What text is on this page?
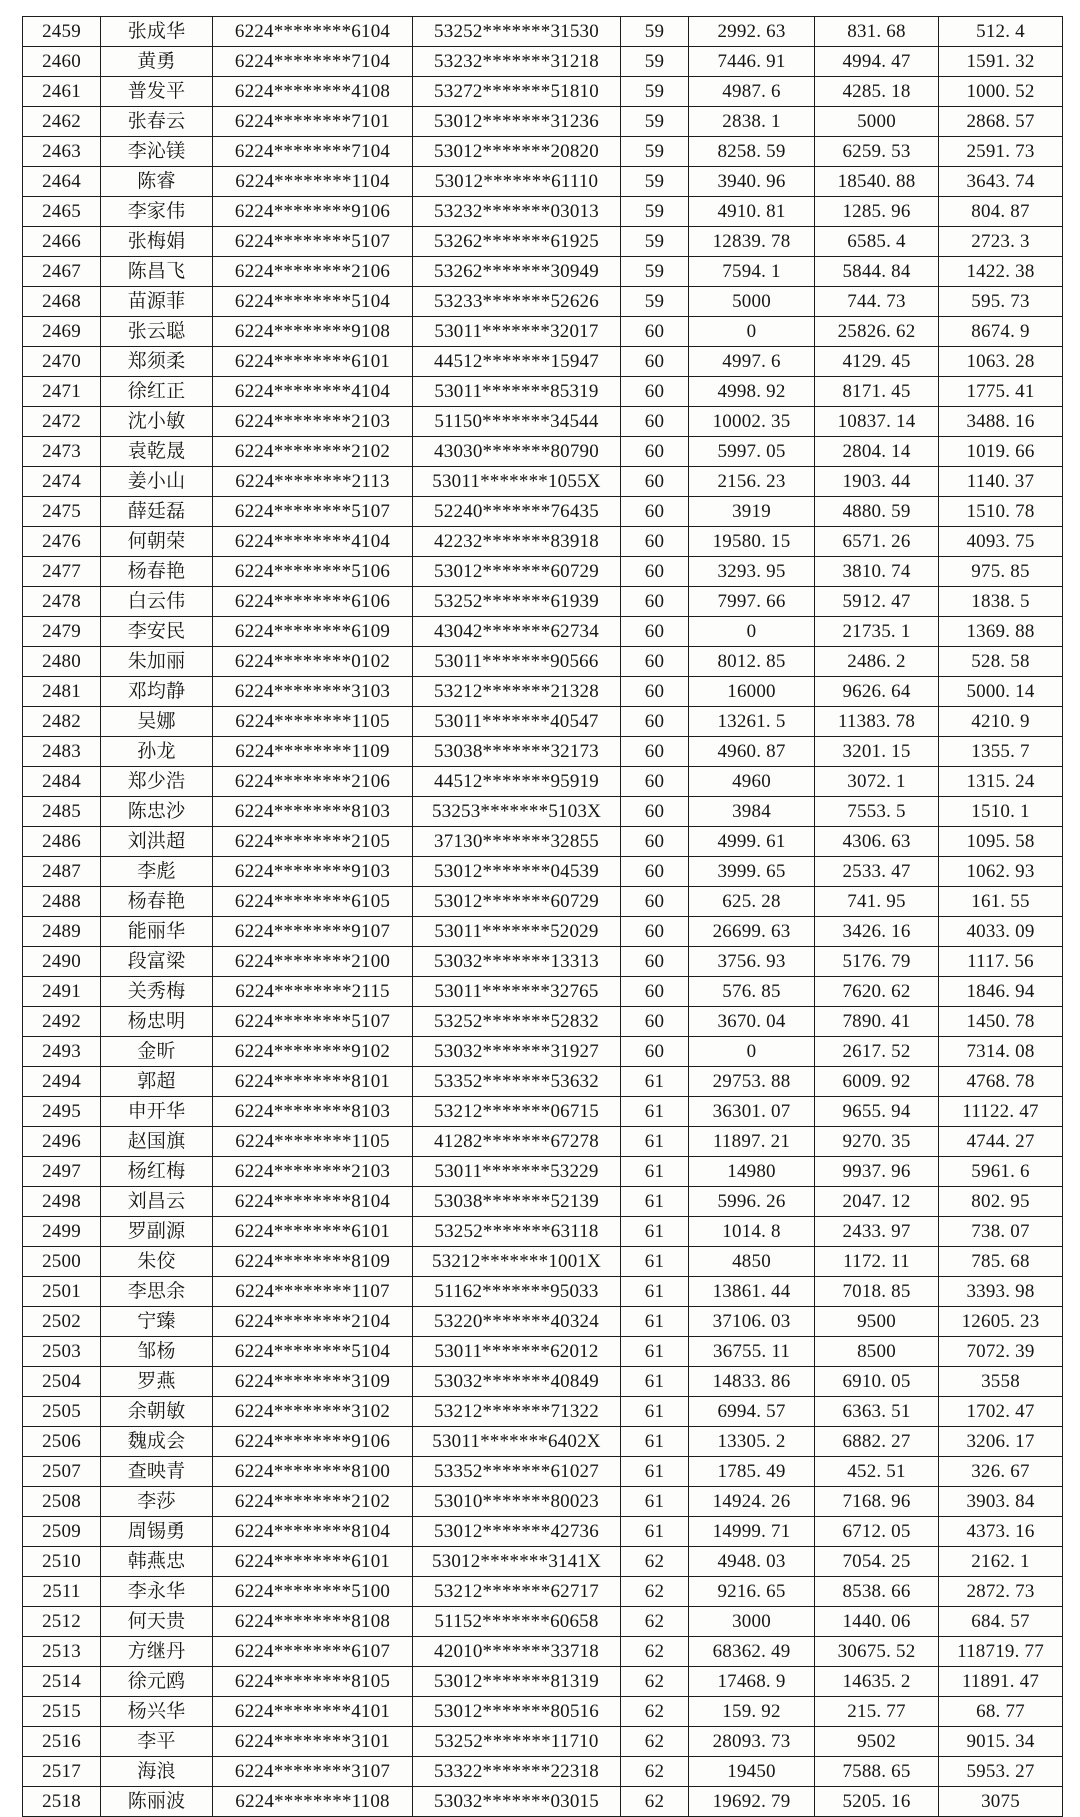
2459	张成华	6224********6104	53252*******31530	59	2992. 63	831. 68	512. 4
2460	黄勇	6224********7104	53232*******31218	59	7446. 91	4994. 47	1591. 32
2461	普发平	6224********4108	53272*******51810	59	4987. 6	4285. 18	1000. 52
2462	张春云	6224********7101	53012*******31236	59	2838. 1	5000	2868. 57
2463	李沁镁	6224********7104	53012*******20820	59	8258. 59	6259. 53	2591. 73
2464	陈睿	6224********1104	53012*******61110	59	3940. 96	18540. 88	3643. 74
2465	李家伟	6224********9106	53232*******03013	59	4910. 81	1285. 96	804. 87
2466	张梅娟	6224********5107	53262*******61925	59	12839. 78	6585. 4	2723. 3
2467	陈昌飞	6224********2106	53262*******30949	59	7594. 1	5844. 84	1422. 38
2468	苗源菲	6224********5104	53233*******52626	59	5000	744. 73	595. 73
2469	张云聪	6224********9108	53011*******32017	60	0	25826. 62	8674. 9
2470	郑须柔	6224********6101	44512*******15947	60	4997. 6	4129. 45	1063. 28
2471	徐红正	6224********4104	53011*******85319	60	4998. 92	8171. 45	1775. 41
2472	沈小敏	6224********2103	51150*******34544	60	10002. 35	10837. 14	3488. 16
2473	袁乾晟	6224********2102	43030*******80790	60	5997. 05	2804. 14	1019. 66
2474	姜小山	6224********2113	53011*******1055X	60	2156. 23	1903. 44	1140. 37
2475	薛廷磊	6224********5107	52240*******76435	60	3919	4880. 59	1510. 78
2476	何朝荣	6224********4104	42232*******83918	60	19580. 15	6571. 26	4093. 75
2477	杨春艳	6224********5106	53012*******60729	60	3293. 95	3810. 74	975. 85
2478	白云伟	6224********6106	53252*******61939	60	7997. 66	5912. 47	1838. 5
2479	李安民	6224********6109	43042*******62734	60	0	21735. 1	1369. 88
2480	朱加丽	6224********0102	53011*******90566	60	8012. 85	2486. 2	528. 58
2481	邓均静	6224********3103	53212*******21328	60	16000	9626. 64	5000. 14
2482	吴娜	6224********1105	53011*******40547	60	13261. 5	11383. 78	4210. 9
2483	孙龙	6224********1109	53038*******32173	60	4960. 87	3201. 15	1355. 7
2484	郑少浩	6224********2106	44512*******95919	60	4960	3072. 1	1315. 24
2485	陈忠沙	6224********8103	53253*******5103X	60	3984	7553. 5	1510. 1
2486	刘洪超	6224********2105	37130*******32855	60	4999. 61	4306. 63	1095. 58
2487	李彪	6224********9103	53012*******04539	60	3999. 65	2533. 47	1062. 93
2488	杨春艳	6224********6105	53012*******60729	60	625. 28	741. 95	161. 55
2489	能丽华	6224********9107	53011*******52029	60	26699. 63	3426. 16	4033. 09
2490	段富梁	6224********2100	53032*******13313	60	3756. 93	5176. 79	1117. 56
2491	关秀梅	6224********2115	53011*******32765	60	576. 85	7620. 62	1846. 94
2492	杨忠明	6224********5107	53252*******52832	60	3670. 04	7890. 41	1450. 78
2493	金昕	6224********9102	53032*******31927	60	0	2617. 52	7314. 08
2494	郭超	6224********8101	53352*******53632	61	29753. 88	6009. 92	4768. 78
2495	申开华	6224********8103	53212*******06715	61	36301. 07	9655. 94	11122. 47
2496	赵国旗	6224********1105	41282*******67278	61	11897. 21	9270. 35	4744. 27
2497	杨红梅	6224********2103	53011*******53229	61	14980	9937. 96	5961. 6
2498	刘昌云	6224********8104	53038*******52139	61	5996. 26	2047. 12	802. 95
2499	罗副源	6224********6101	53252*******63118	61	1014. 8	2433. 97	738. 07
2500	朱佼	6224********8109	53212*******1001X	61	4850	1172. 11	785. 68
2501	李思余	6224********1107	51162*******95033	61	13861. 44	7018. 85	3393. 98
2502	宁臻	6224********2104	53220*******40324	61	37106. 03	9500	12605. 23
2503	邹杨	6224********5104	53011*******62012	61	36755. 11	8500	7072. 39
2504	罗燕	6224********3109	53032*******40849	61	14833. 86	6910. 05	3558
2505	余朝敏	6224********3102	53212*******71322	61	6994. 57	6363. 51	1702. 47
2506	魏成会	6224********9106	53011*******6402X	61	13305. 2	6882. 27	3206. 17
2507	查映青	6224********8100	53352*******61027	61	1785. 49	452. 51	326. 67
2508	李莎	6224********2102	53010*******80023	61	14924. 26	7168. 96	3903. 84
2509	周锡勇	6224********8104	53012*******42736	61	14999. 71	6712. 05	4373. 16
2510	韩燕忠	6224********6101	53012*******3141X	62	4948. 03	7054. 25	2162. 1
2511	李永华	6224********5100	53212*******62717	62	9216. 65	8538. 66	2872. 73
2512	何天贵	6224********8108	51152*******60658	62	3000	1440. 06	684. 57
2513	方继丹	6224********6107	42010*******33718	62	68362. 49	30675. 52	118719. 77
2514	徐元鸥	6224********8105	53012*******81319	62	17468. 9	14635. 2	11891. 47
2515	杨兴华	6224********4101	53012*******80516	62	159. 92	215. 77	68. 77
2516	李平	6224********3101	53252*******11710	62	28093. 73	9502	9015. 34
2517	海浪	6224********3107	53322*******22318	62	19450	7588. 65	5953. 27
2518	陈丽波	6224********1108	53032*******03015	62	19692. 79	5205. 16	3075
